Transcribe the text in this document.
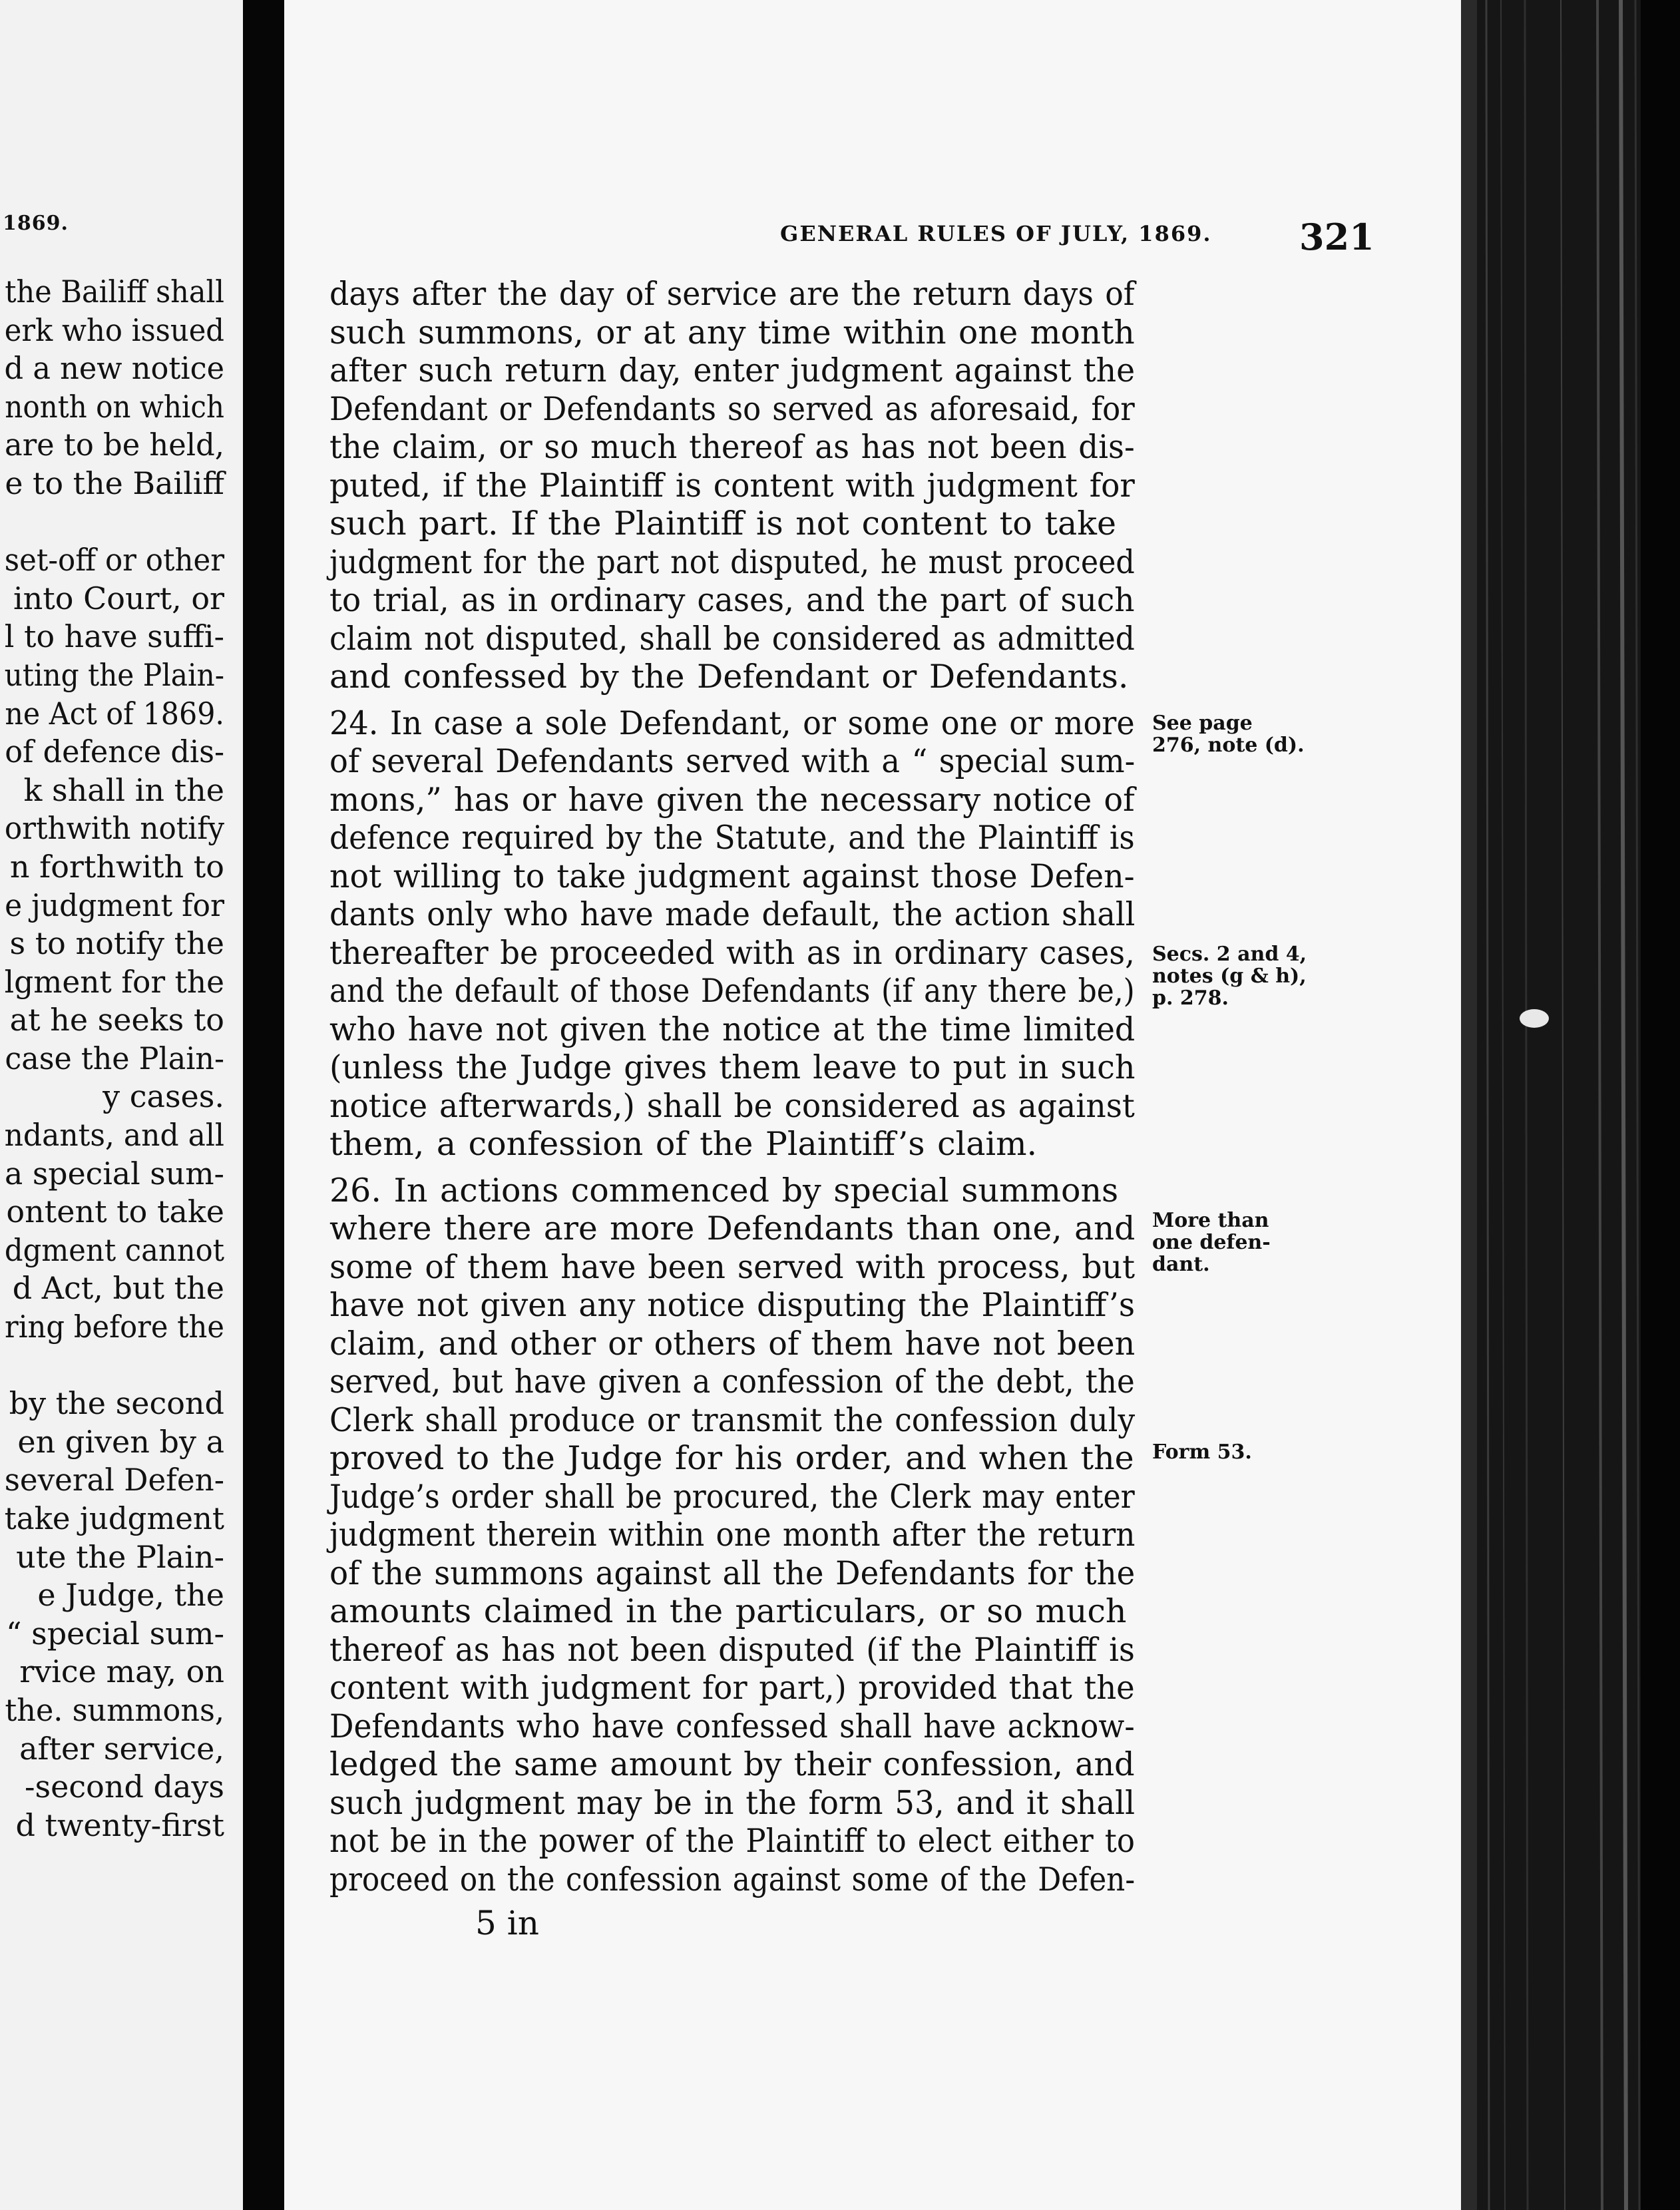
1869.
the Bailiff shall
erk who issued
d a new notice
nonth on which
are to be held,
e to the Bailiff
set-off or other
into Court, or
l to have suffi-
uting the Plain-
ne Act of 1869.
of defence dis-
k shall in the
orthwith notify
n forthwith to
e judgment for
s to notify the
lgment for the
at he seeks to
case the Plain-
y cases.
ndants, and all
a special sum-
ontent to take
dgment cannot
d Act, but the
ring before the
by the second
en given by a
several Defen-
take judgment
ute the Plain-
e Judge, the
“ special sum-
rvice may, on
the. summons,
after service,
-second days
d twenty-first
GENERAL RULES OF JULY, 1869. 321
days after the day of service are the return days of
such summons, or at any time within one month
after such return day, enter judgment against the
Defendant or Defendants so served as aforesaid, for
the claim, or so much thereof as has not been dis-
puted, if the Plaintiff is content with judgment for
such part. If the Plaintiff is not content to take
judgment for the part not disputed, he must proceed
to trial, as in ordinary cases, and the part of such
claim not disputed, shall be considered as admitted
and confessed by the Defendant or Defendants.
24. In case a sole Defendant, or some one or more
of several Defendants served with a “ special sum-
mons,” has or have given the necessary notice of
defence required by the Statute, and the Plaintiff is
not willing to take judgment against those Defen-
dants only who have made default, the action shall
thereafter be proceeded with as in ordinary cases,
and the default of those Defendants (if any there be,)
who have not given the notice at the time limited
(unless the Judge gives them leave to put in such
notice afterwards,) shall be considered as against
them, a confession of the Plaintiff’s claim.
26. In actions commenced by special summons
where there are more Defendants than one, and
some of them have been served with process, but
have not given any notice disputing the Plaintiff’s
claim, and other or others of them have not been
served, but have given a confession of the debt, the
Clerk shall produce or transmit the confession duly
proved to the Judge for his order, and when the
Judge’s order shall be procured, the Clerk may enter
judgment therein within one month after the return
of the summons against all the Defendants for the
amounts claimed in the particulars, or so much
thereof as has not been disputed (if the Plaintiff is
content with judgment for part,) provided that the
Defendants who have confessed shall have acknow-
ledged the same amount by their confession, and
such judgment may be in the form 53, and it shall
not be in the power of the Plaintiff to elect either to
proceed on the confession against some of the Defen-
See page
276, note (d).
Secs. 2 and 4,
notes (g & h),
p. 278.
More than
one defen-
dant.
Form 53.
5 in
